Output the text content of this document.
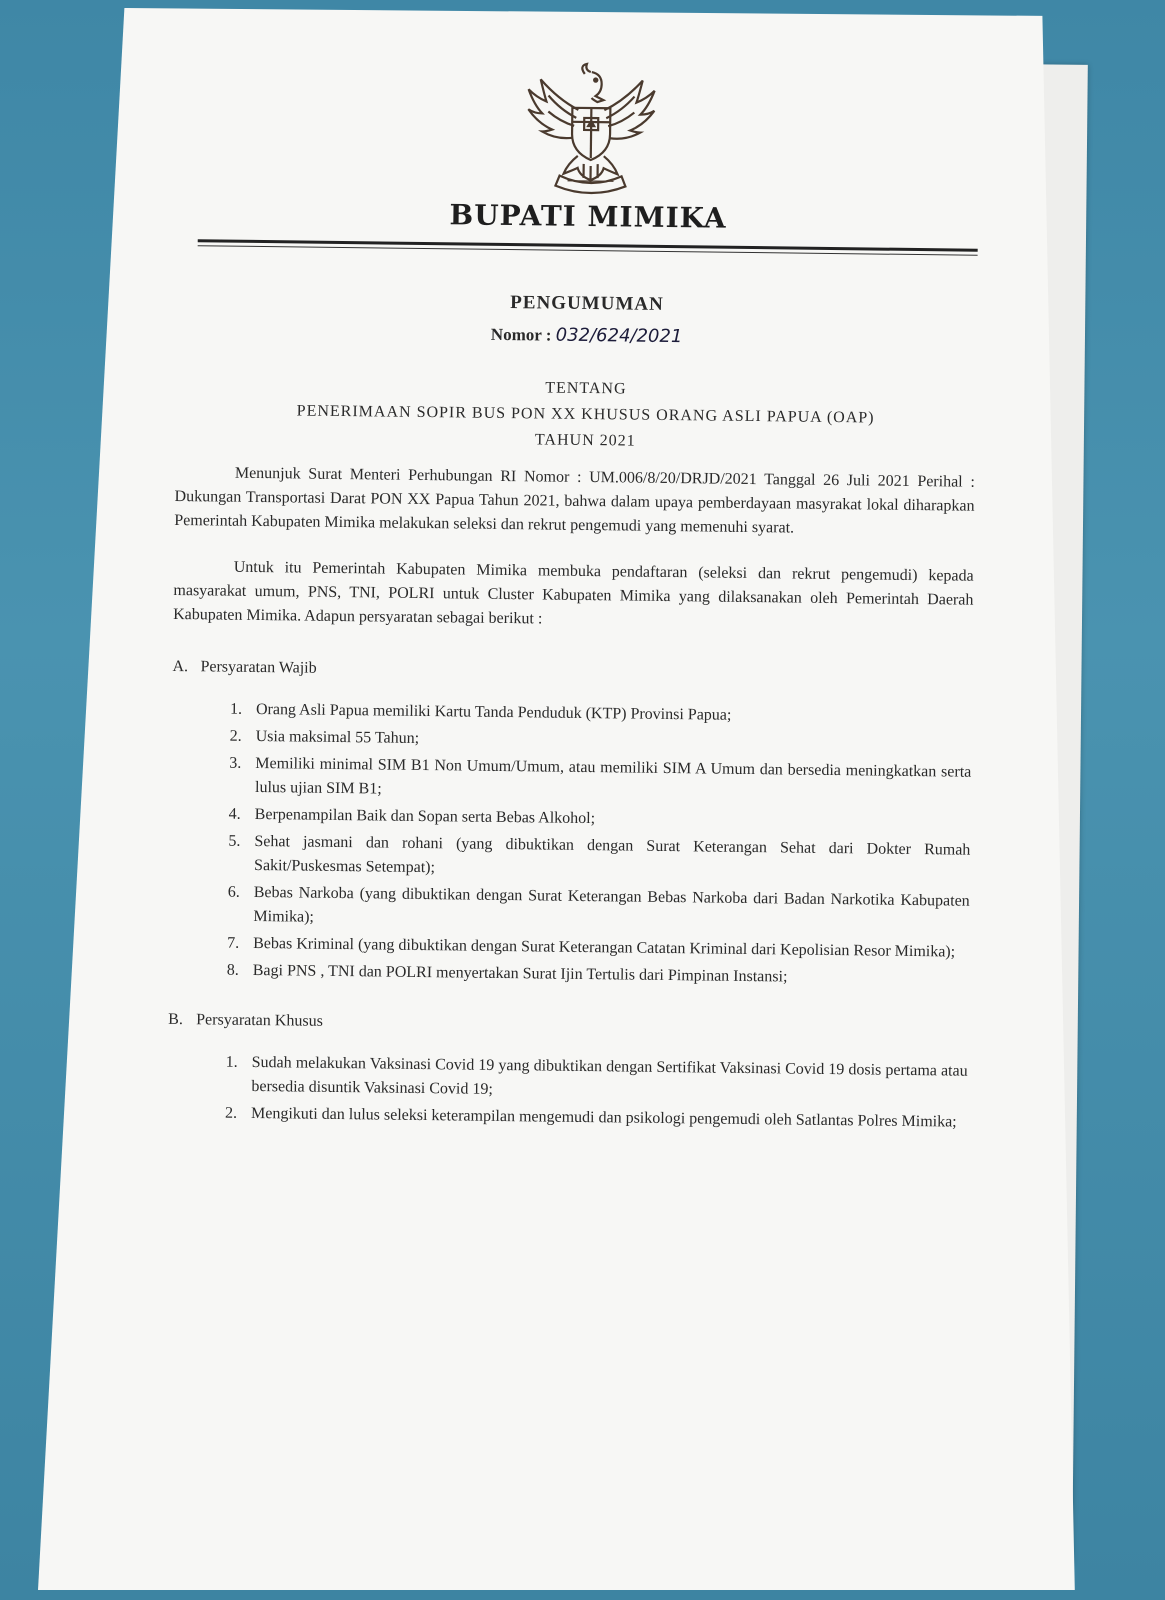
BUPATI MIMIKA
PENGUMUMAN
Nomor : 032/624/2021
TENTANG
PENERIMAAN SOPIR BUS PON XX KHUSUS ORANG ASLI PAPUA (OAP)
TAHUN 2021

Menunjuk Surat Menteri Perhubungan RI Nomor : UM.006/8/20/DRJD/2021 Tanggal 26 Juli 2021 Perihal : Dukungan Transportasi Darat PON XX Papua Tahun 2021, bahwa dalam upaya pemberdayaan masyrakat lokal diharapkan Pemerintah Kabupaten Mimika melakukan seleksi dan rekrut pengemudi yang memenuhi syarat.

Untuk itu Pemerintah Kabupaten Mimika membuka pendaftaran (seleksi dan rekrut pengemudi) kepada masyarakat umum, PNS, TNI, POLRI untuk Cluster Kabupaten Mimika yang dilaksanakan oleh Pemerintah Daerah Kabupaten Mimika. Adapun persyaratan sebagai berikut :

A. Persyaratan Wajib
1. Orang Asli Papua memiliki Kartu Tanda Penduduk (KTP) Provinsi Papua;
2. Usia maksimal 55 Tahun;
3. Memiliki minimal SIM B1 Non Umum/Umum, atau memiliki SIM A Umum dan bersedia meningkatkan serta lulus ujian SIM B1;
4. Berpenampilan Baik dan Sopan serta Bebas Alkohol;
5. Sehat jasmani dan rohani (yang dibuktikan dengan Surat Keterangan Sehat dari Dokter Rumah Sakit/Puskesmas Setempat);
6. Bebas Narkoba (yang dibuktikan dengan Surat Keterangan Bebas Narkoba dari Badan Narkotika Kabupaten Mimika);
7. Bebas Kriminal (yang dibuktikan dengan Surat Keterangan Catatan Kriminal dari Kepolisian Resor Mimika);
8. Bagi PNS , TNI dan POLRI menyertakan Surat Ijin Tertulis dari Pimpinan Instansi;
B. Persyaratan Khusus
1. Sudah melakukan Vaksinasi Covid 19 yang dibuktikan dengan Sertifikat Vaksinasi Covid 19 dosis pertama atau bersedia disuntik Vaksinasi Covid 19;
2. Mengikuti dan lulus seleksi keterampilan mengemudi dan psikologi pengemudi oleh Satlantas Polres Mimika;
